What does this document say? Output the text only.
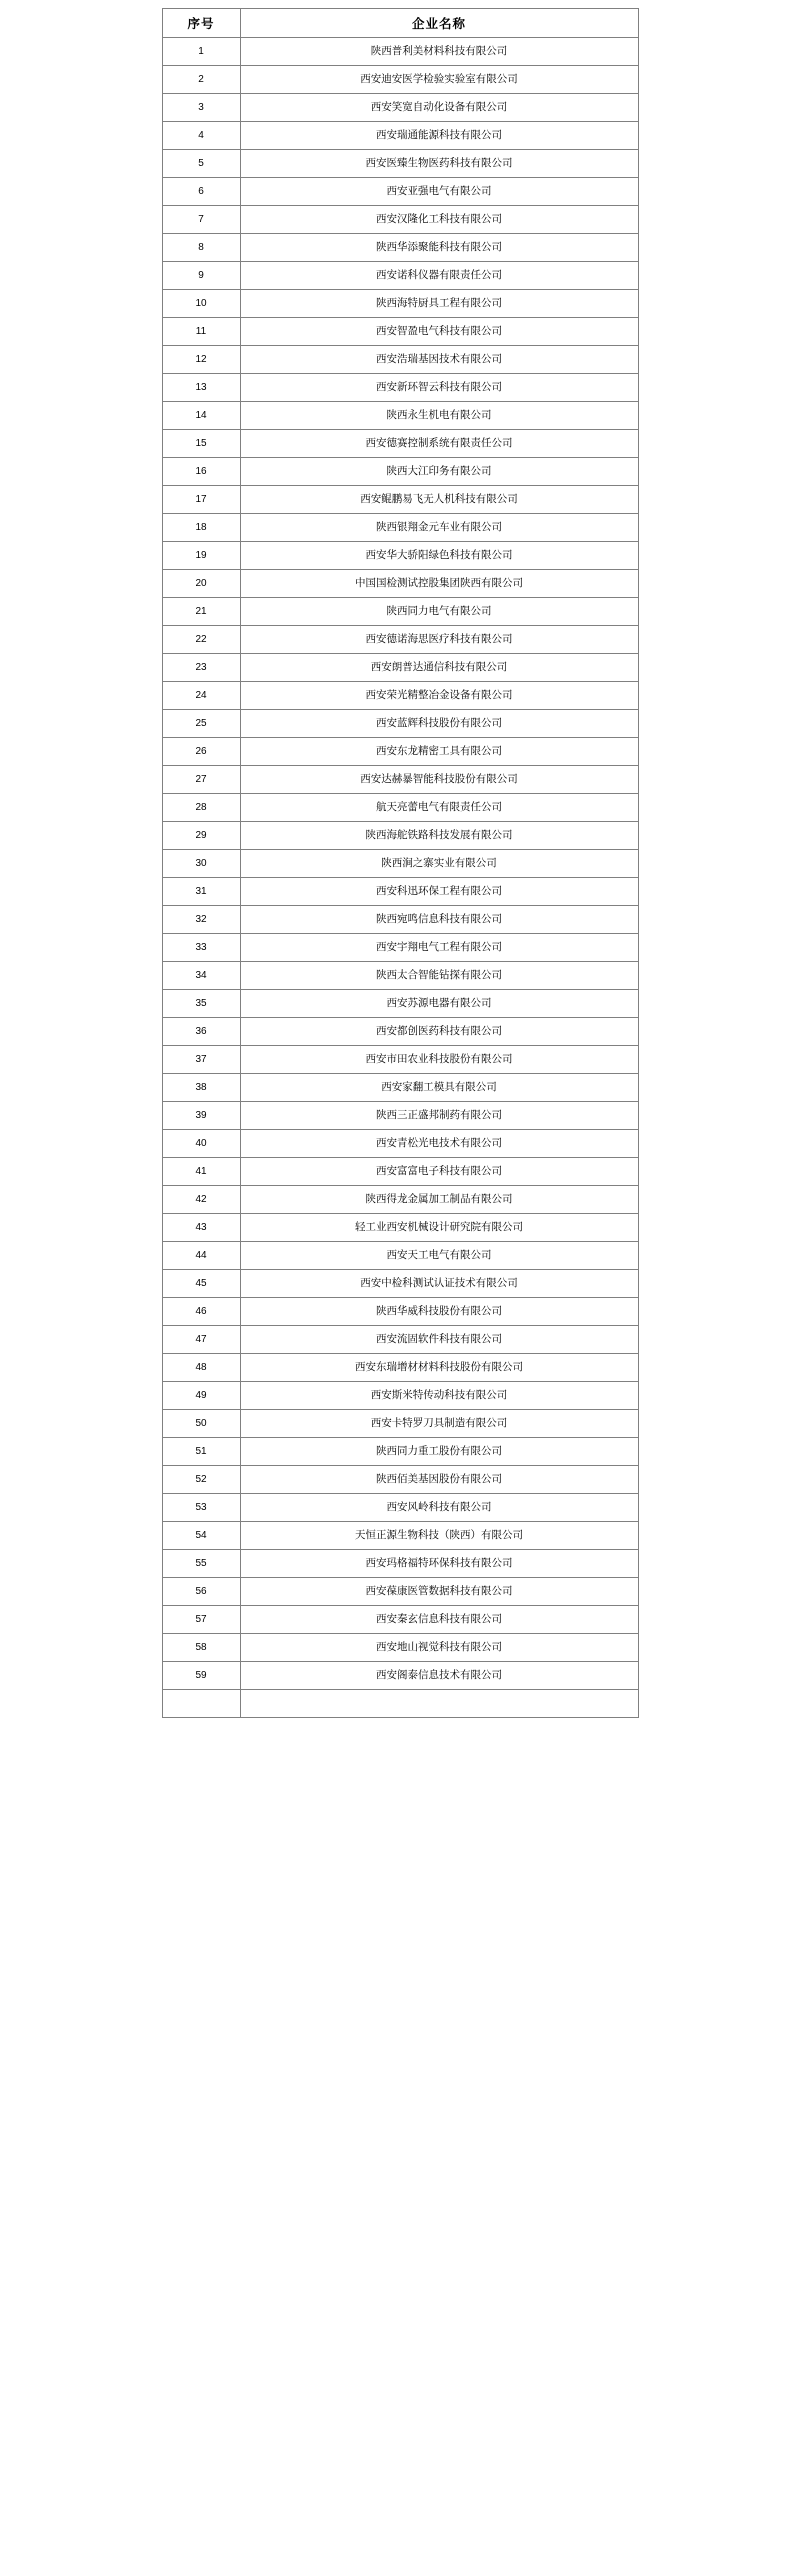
序号	企业名称
1	陕西普利美材料科技有限公司
2	西安迪安医学检验实验室有限公司
3	西安笑宽自动化设备有限公司
4	西安瑞通能源科技有限公司
5	西安医臻生物医药科技有限公司
6	西安亚强电气有限公司
7	西安汉隆化工科技有限公司
8	陕西华添聚能科技有限公司
9	西安诺科仪器有限责任公司
10	陕西海特厨具工程有限公司
11	西安智盈电气科技有限公司
12	西安浩瑞基因技术有限公司
13	西安新环智云科技有限公司
14	陕西永生机电有限公司
15	西安德赛控制系统有限责任公司
16	陕西大江印务有限公司
17	西安鲲鹏易飞无人机科技有限公司
18	陕西银翔金元车业有限公司
19	西安华大骄阳绿色科技有限公司
20	中国国检测试控股集团陕西有限公司
21	陕西同力电气有限公司
22	西安德诺海思医疗科技有限公司
23	西安朗普达通信科技有限公司
24	西安荣光精整冶金设备有限公司
25	西安蓝辉科技股份有限公司
26	西安东龙精密工具有限公司
27	西安达赫暴智能科技股份有限公司
28	航天亮蕾电气有限责任公司
29	陕西海舵铁路科技发展有限公司
30	陕西涧之寨实业有限公司
31	西安科迅环保工程有限公司
32	陕西宛鸣信息科技有限公司
33	西安宇翔电气工程有限公司
34	陕西太合智能钻探有限公司
35	西安苏源电器有限公司
36	西安都创医药科技有限公司
37	西安市田农业科技股份有限公司
38	西安家翻工模具有限公司
39	陕西三正盛邦制药有限公司
40	西安青松光电技术有限公司
41	西安富富电子科技有限公司
42	陕西得龙金属加工制品有限公司
43	轻工业西安机械设计研究院有限公司
44	西安天工电气有限公司
45	西安中检科测试认证技术有限公司
46	陕西华威科技股份有限公司
47	西安流固软件科技有限公司
48	西安东瑞增材材料科技股份有限公司
49	西安斯米特传动科技有限公司
50	西安卡特罗刀具制造有限公司
51	陕西同力重工股份有限公司
52	陕西佰美基因股份有限公司
53	西安风岭科技有限公司
54	天恒正源生物科技（陕西）有限公司
55	西安玛格福特环保科技有限公司
56	西安葆康医管数据科技有限公司
57	西安秦玄信息科技有限公司
58	西安地山视觉科技有限公司
59	西安阁泰信息技术有限公司
